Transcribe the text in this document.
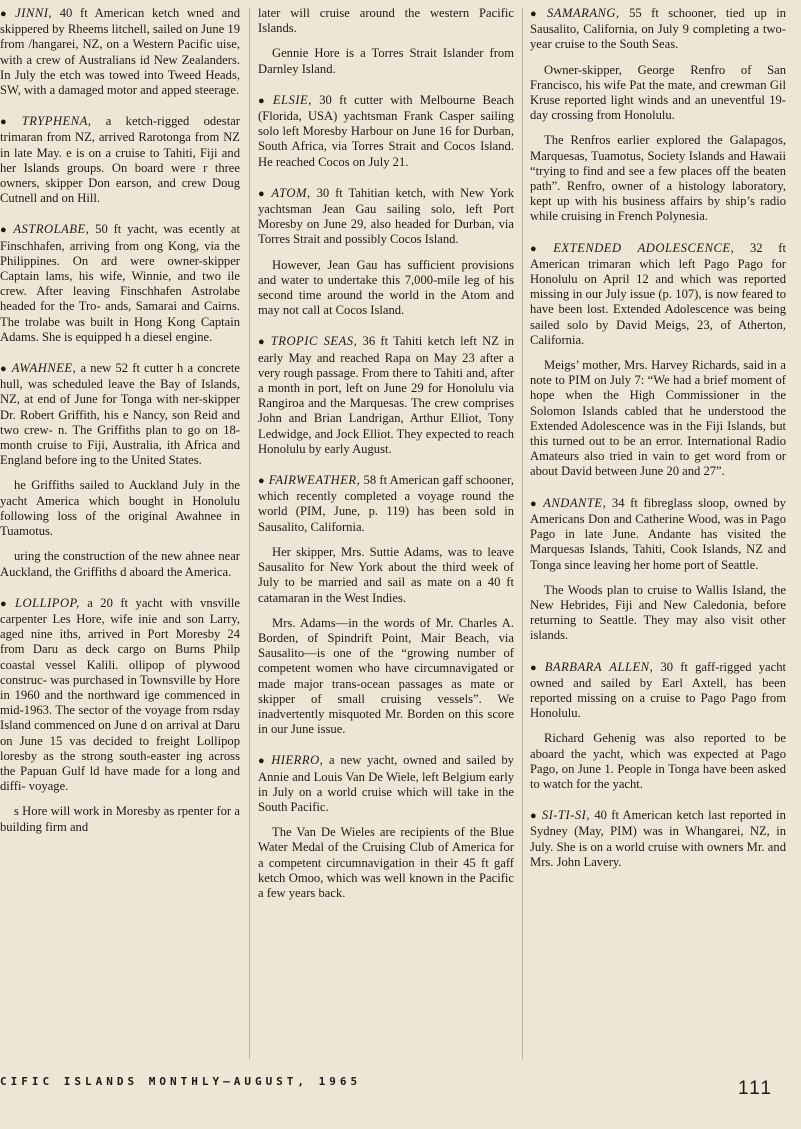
● JINNI, 40 ft American ketch wned and skippered by Rheems litchell, sailed on June 19 from /hangarei, NZ, on a Western Pacific uise, with a crew of Australians id New Zealanders. In July the etch was towed into Tweed Heads, SW, with a damaged motor and apped steerage.

● TRYPHENA, a ketch-rigged odestar trimaran from NZ, arrived Rarotonga from NZ in late May. e is on a cruise to Tahiti, Fiji and her Islands groups. On board were r three owners, skipper Don earson, and crew Doug Cutnell and on Hill.

● ASTROLABE, 50 ft yacht, was ecently at Finschhafen, arriving from ong Kong, via the Philippines. On ard were owner-skipper Captain lams, his wife, Winnie, and two ile crew. After leaving Finschhafen Astrolabe headed for the Tro- ands, Samarai and Cairns. The trolabe was built in Hong Kong Captain Adams. She is equipped h a diesel engine.

● AWAHNEE, a new 52 ft cutter h a concrete hull, was scheduled leave the Bay of Islands, NZ, at end of June for Tonga with ner-skipper Dr. Robert Griffith, his e Nancy, son Reid and two crew- n. The Griffiths plan to go on 18-month cruise to Fiji, Australia, ith Africa and England before ing to the United States.

he Griffiths sailed to Auckland July in the yacht America which bought in Honolulu following loss of the original Awahnee in Tuamotus.

uring the construction of the new ahnee near Auckland, the Griffiths d aboard the America.

● LOLLIPOP, a 20 ft yacht with vnsville carpenter Les Hore, wife inie and son Larry, aged nine iths, arrived in Port Moresby 24 from Daru as deck cargo on Burns Philp coastal vessel Kalili. ollipop of plywood construc- was purchased in Townsville by Hore in 1960 and the northward ige commenced in mid-1963. The sector of the voyage from rsday Island commenced on June d on arrival at Daru on June 15 vas decided to freight Lollipop loresby as the strong south-easter ing across the Papuan Gulf ld have made for a long and diffi- voyage.

s Hore will work in Moresby as rpenter for a building firm and

later will cruise around the western Pacific Islands.

Gennie Hore is a Torres Strait Islander from Darnley Island.

● ELSIE, 30 ft cutter with Melbourne Beach (Florida, USA) yachtsman Frank Casper sailing solo left Moresby Harbour on June 16 for Durban, South Africa, via Torres Strait and Cocos Island. He reached Cocos on July 21.

● ATOM, 30 ft Tahitian ketch, with New York yachtsman Jean Gau sailing solo, left Port Moresby on June 29, also headed for Durban, via Torres Strait and possibly Cocos Island.

However, Jean Gau has sufficient provisions and water to undertake this 7,000-mile leg of his second time around the world in the Atom and may not call at Cocos Island.

● TROPIC SEAS, 36 ft Tahiti ketch left NZ in early May and reached Rapa on May 23 after a very rough passage. From there to Tahiti and, after a month in port, left on June 29 for Honolulu via Rangiroa and the Marquesas. The crew comprises John and Brian Landrigan, Arthur Elliot, Tony Ledwidge, and Jock Elliot. They expected to reach Honolulu by early August.

● FAIRWEATHER, 58 ft American gaff schooner, which recently completed a voyage round the world (PIM, June, p. 119) has been sold in Sausalito, California.

Her skipper, Mrs. Suttie Adams, was to leave Sausalito for New York about the third week of July to be married and sail as mate on a 40 ft catamaran in the West Indies.

Mrs. Adams—in the words of Mr. Charles A. Borden, of Spindrift Point, Mair Beach, via Sausalito—is one of the “growing number of competent women who have circumnavigated or made major trans-ocean passages as mate or skipper of small cruising vessels”. We inadvertently misquoted Mr. Borden on this score in our June issue.

● HIERRO, a new yacht, owned and sailed by Annie and Louis Van De Wiele, left Belgium early in July on a world cruise which will take in the South Pacific.

The Van De Wieles are recipients of the Blue Water Medal of the Cruising Club of America for a competent circumnavigation in their 45 ft gaff ketch Omoo, which was well known in the Pacific a few years back.

● SAMARANG, 55 ft schooner, tied up in Sausalito, California, on July 9 completing a two-year cruise to the South Seas.

Owner-skipper, George Renfro of San Francisco, his wife Pat the mate, and crewman Gil Kruse reported light winds and an uneventful 19-day crossing from Honolulu.

The Renfros earlier explored the Galapagos, Marquesas, Tuamotus, Society Islands and Hawaii “trying to find and see a few places off the beaten path”. Renfro, owner of a histology laboratory, kept up with his business affairs by ship’s radio while cruising in French Polynesia.

● EXTENDED ADOLESCENCE, 32 ft American trimaran which left Pago Pago for Honolulu on April 12 and which was reported missing in our July issue (p. 107), is now feared to have been lost. Extended Adolescence was being sailed solo by David Meigs, 23, of Atherton, California.

Meigs’ mother, Mrs. Harvey Richards, said in a note to PIM on July 7: “We had a brief moment of hope when the High Commissioner in the Solomon Islands cabled that he understood the Extended Adolescence was in the Fiji Islands, but this turned out to be an error. International Radio Amateurs also tried in vain to get word from or about David between June 20 and 27”.

● ANDANTE, 34 ft fibreglass sloop, owned by Americans Don and Catherine Wood, was in Pago Pago in late June. Andante has visited the Marquesas Islands, Tahiti, Cook Islands, NZ and Tonga since leaving her home port of Seattle.

The Woods plan to cruise to Wallis Island, the New Hebrides, Fiji and New Caledonia, before returning to Seattle. They may also visit other islands.

● BARBARA ALLEN, 30 ft gaff-rigged yacht owned and sailed by Earl Axtell, has been reported missing on a cruise to Pago Pago from Honolulu.

Richard Gehenig was also reported to be aboard the yacht, which was expected at Pago Pago, on June 1. People in Tonga have been asked to watch for the yacht.

● SI-TI-SI, 40 ft American ketch last reported in Sydney (May, PIM) was in Whangarei, NZ, in July. She is on a world cruise with owners Mr. and Mrs. John Lavery.

CIFIC ISLANDS MONTHLY—AUGUST, 1965	111
